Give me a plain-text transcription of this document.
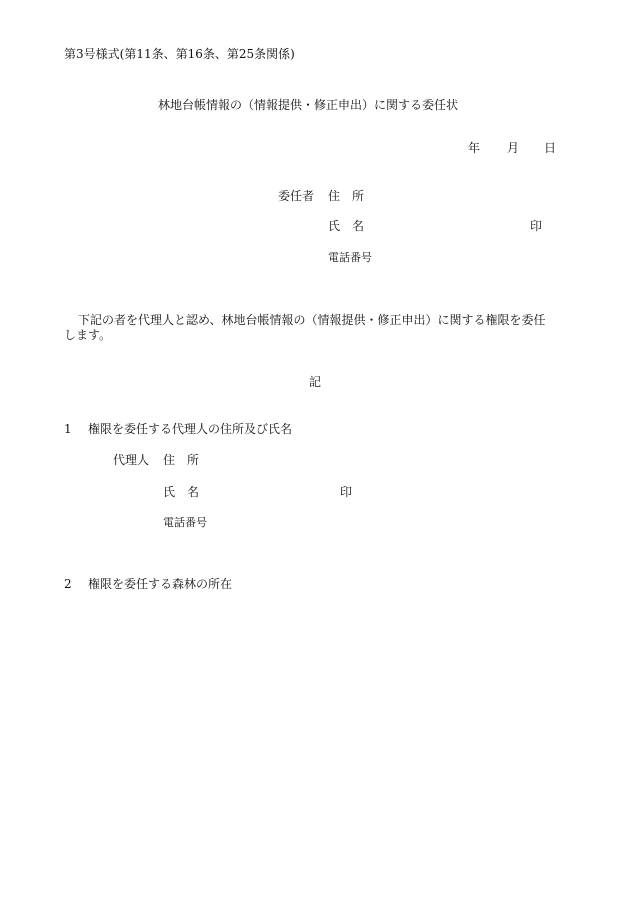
第3号様式(第11条、第16条、第25条関係)
林地台帳情報の（情報提供・修正申出）に関する委任状
年 月 日
委任者 住　所
氏　名	印
電話番号
下記の者を代理人と認め、林地台帳情報の（情報提供・修正申出）に関する権限を委任
します。
記
1 権限を委任する代理人の住所及び氏名
代理人 住　所
氏　名	印
電話番号
2 権限を委任する森林の所在
